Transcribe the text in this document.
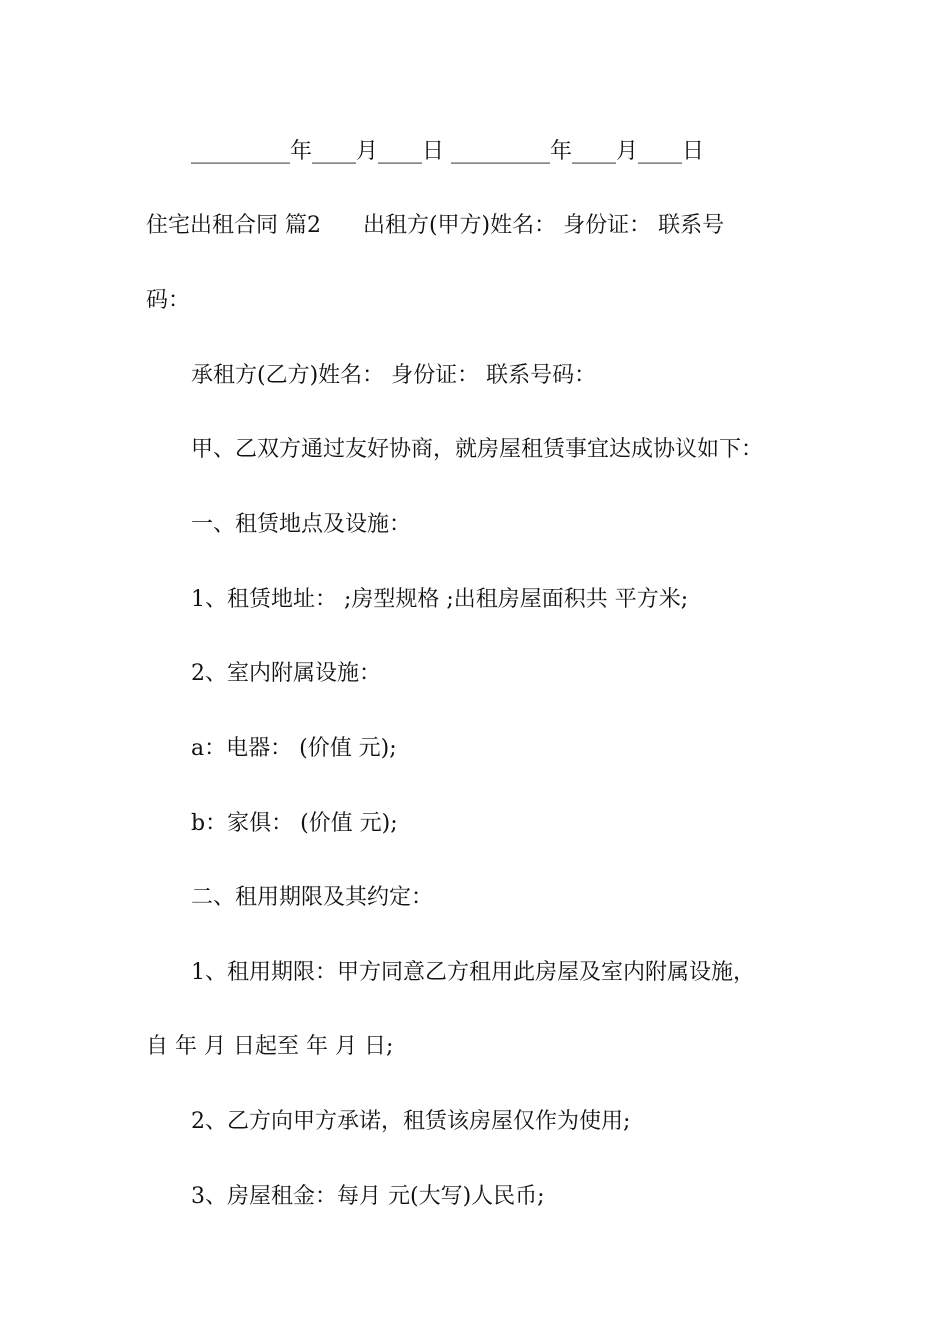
_________年____月____日 _________年____月____日
住宅出租合同 篇2      出租方(甲方)姓名： 身份证： 联系号
码：
承租方(乙方)姓名： 身份证： 联系号码：
甲、乙双方通过友好协商，就房屋租赁事宜达成协议如下：
一、租赁地点及设施：
1、租赁地址： ;房型规格 ;出租房屋面积共 平方米;
2、室内附属设施：
a：电器： (价值 元);
b：家俱： (价值 元);
二、租用期限及其约定：
1、租用期限：甲方同意乙方租用此房屋及室内附属设施，
自 年 月 日起至 年 月 日;
2、乙方向甲方承诺，租赁该房屋仅作为使用;
3、房屋租金：每月 元(大写)人民币;
